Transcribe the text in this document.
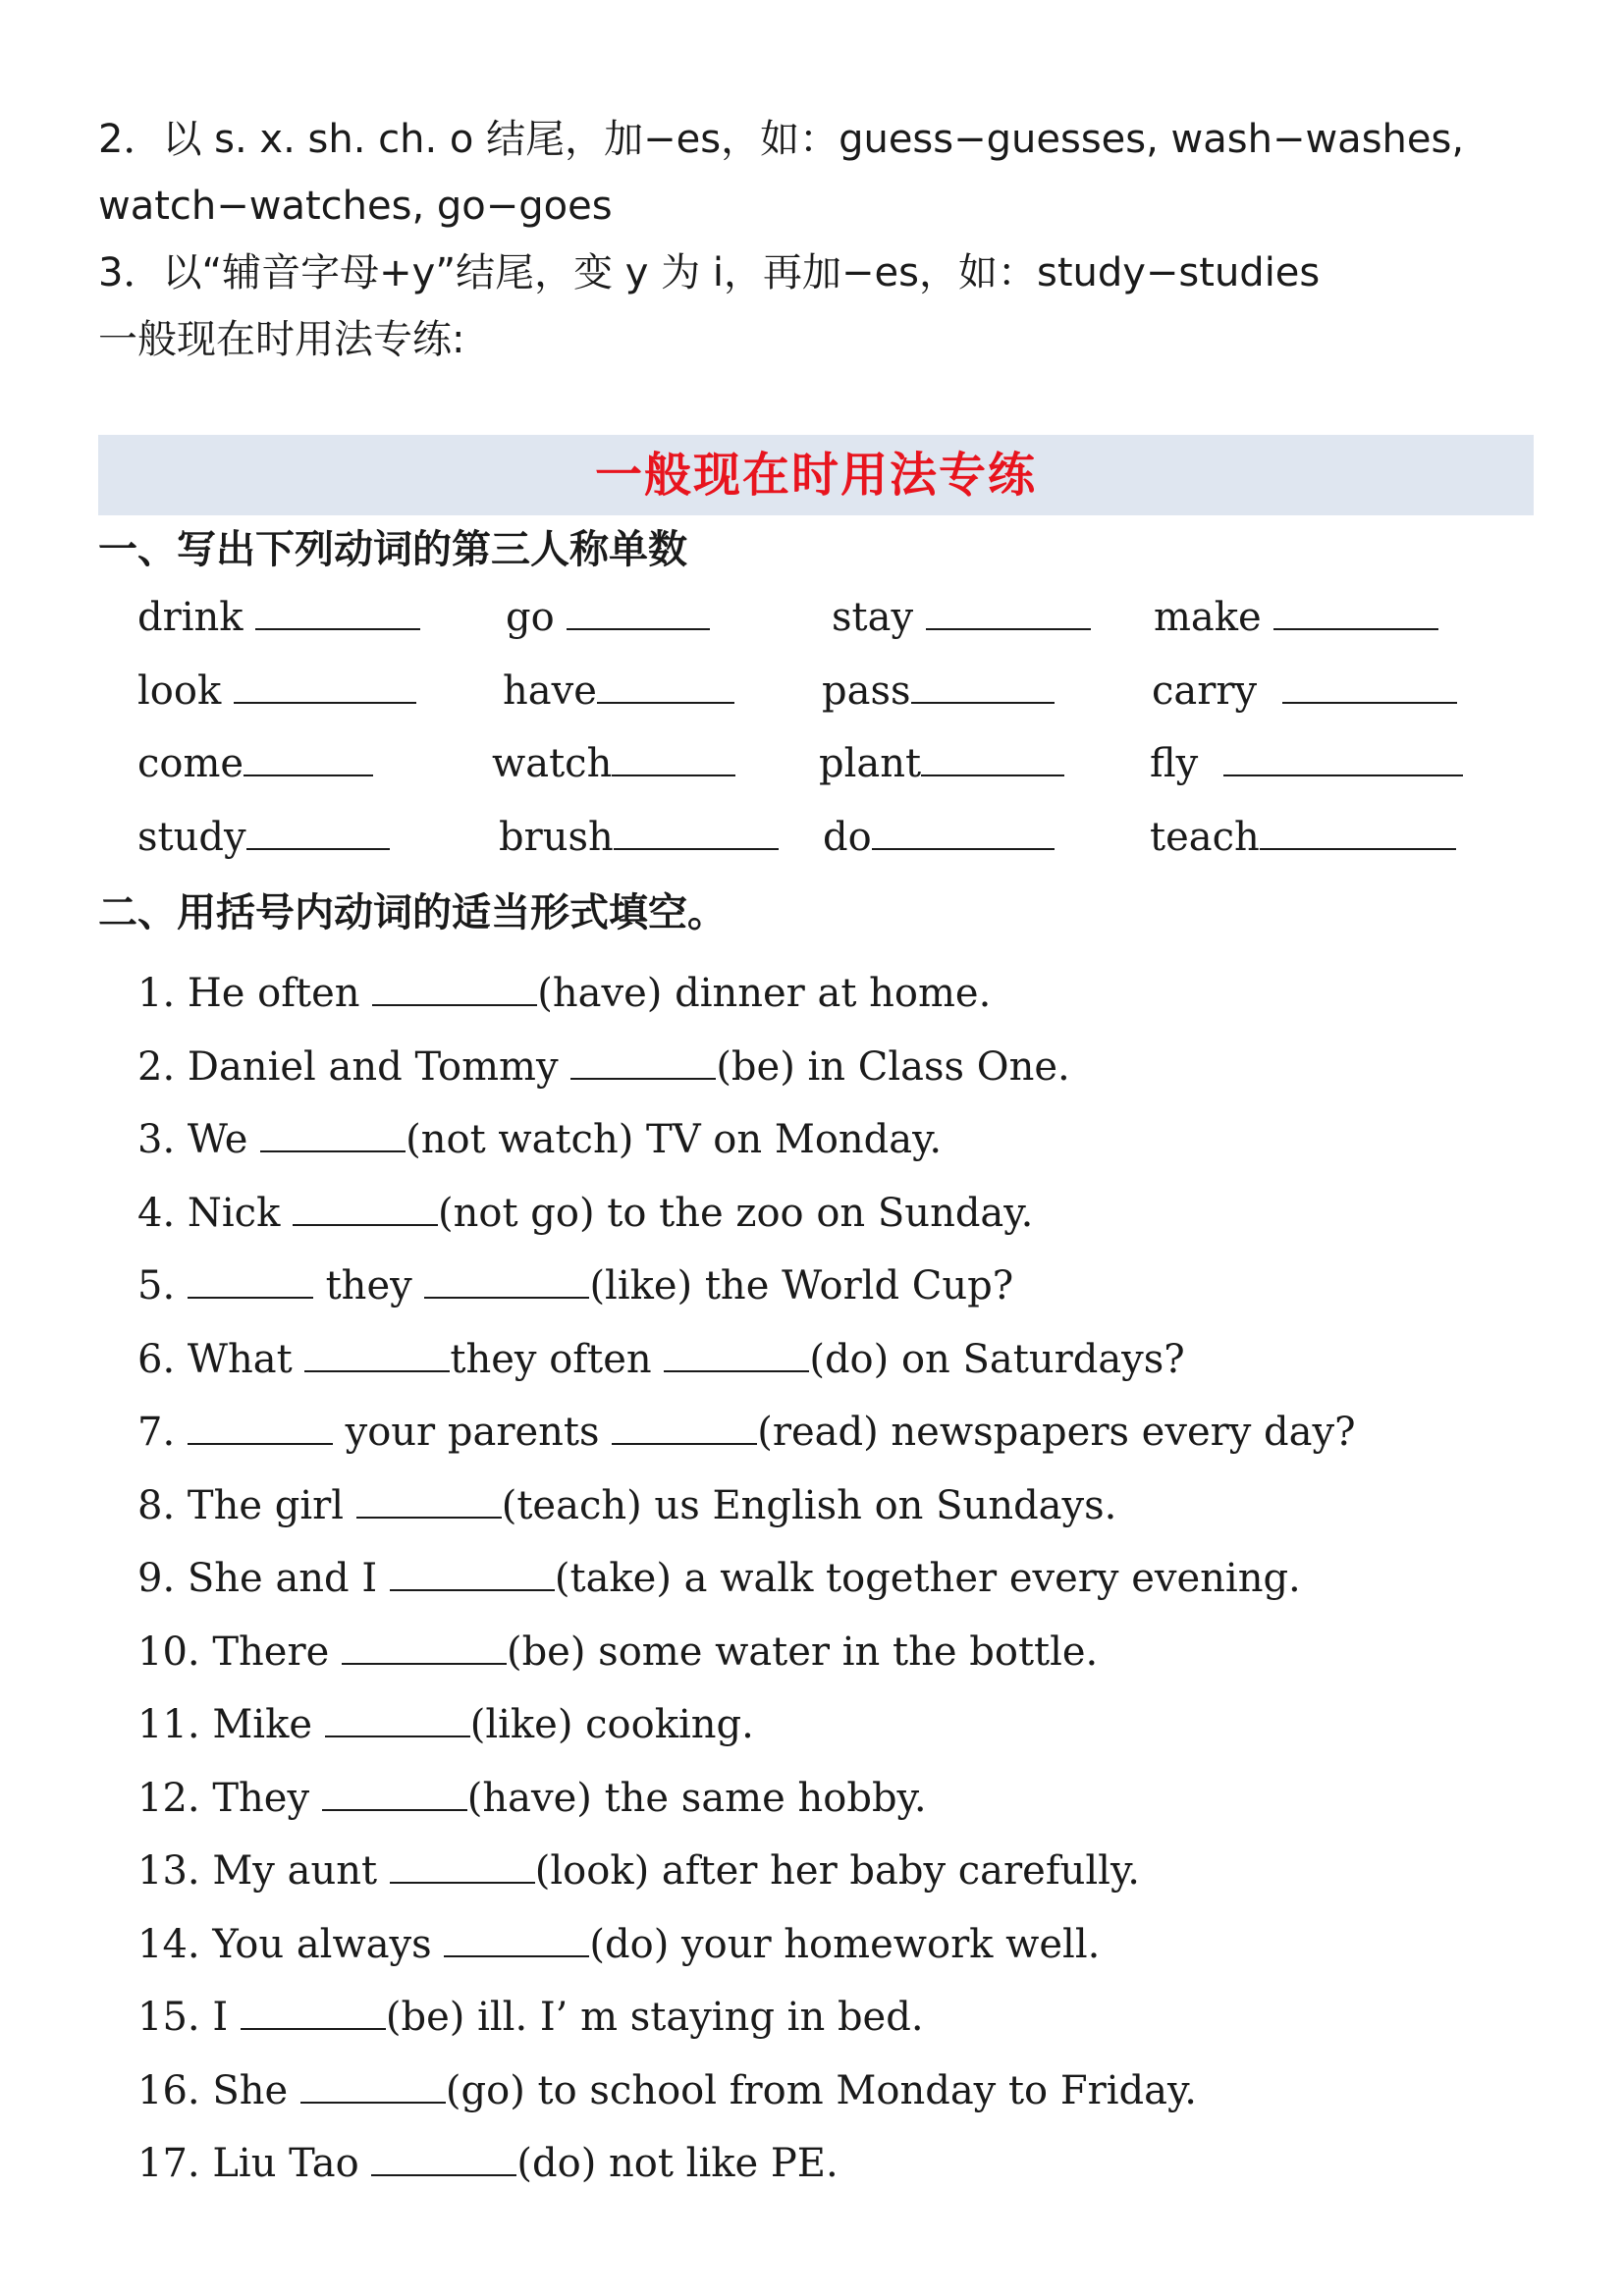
2．以 s. x. sh. ch. o 结尾，加−es，如：guess−guesses, wash−washes,

watch−watches, go−goes

3．以“辅音字母+y”结尾，变 y 为 i，再加−es，如：study−studies

一般现在时用法专练:

一般现在时用法专练
一、写出下列动词的第三人称单数
drink	go	stay	make
look	have	pass	carry
come	watch	plant	fly
study	brush	do	teach
二、用括号内动词的适当形式填空。
1. He often	(have) dinner at home.
2. Daniel and Tommy	(be) in Class One.
3. We	(not watch) TV on Monday.
4. Nick	(not go) to the zoo on Sunday.
5.	they	(like) the World Cup?
6. What	they often	(do) on Saturdays?
7.	your parents	(read) newspapers every day?
8. The girl	(teach) us English on Sundays.
9. She and I	(take) a walk together every evening.
10. There	(be) some water in the bottle.
11. Mike	(like) cooking.
12. They	(have) the same hobby.
13. My aunt	(look) after her baby carefully.
14. You always	(do) your homework well.
15. I	(be) ill. I’ m staying in bed.
16. She	(go) to school from Monday to Friday.
17. Liu Tao	(do) not like PE.
